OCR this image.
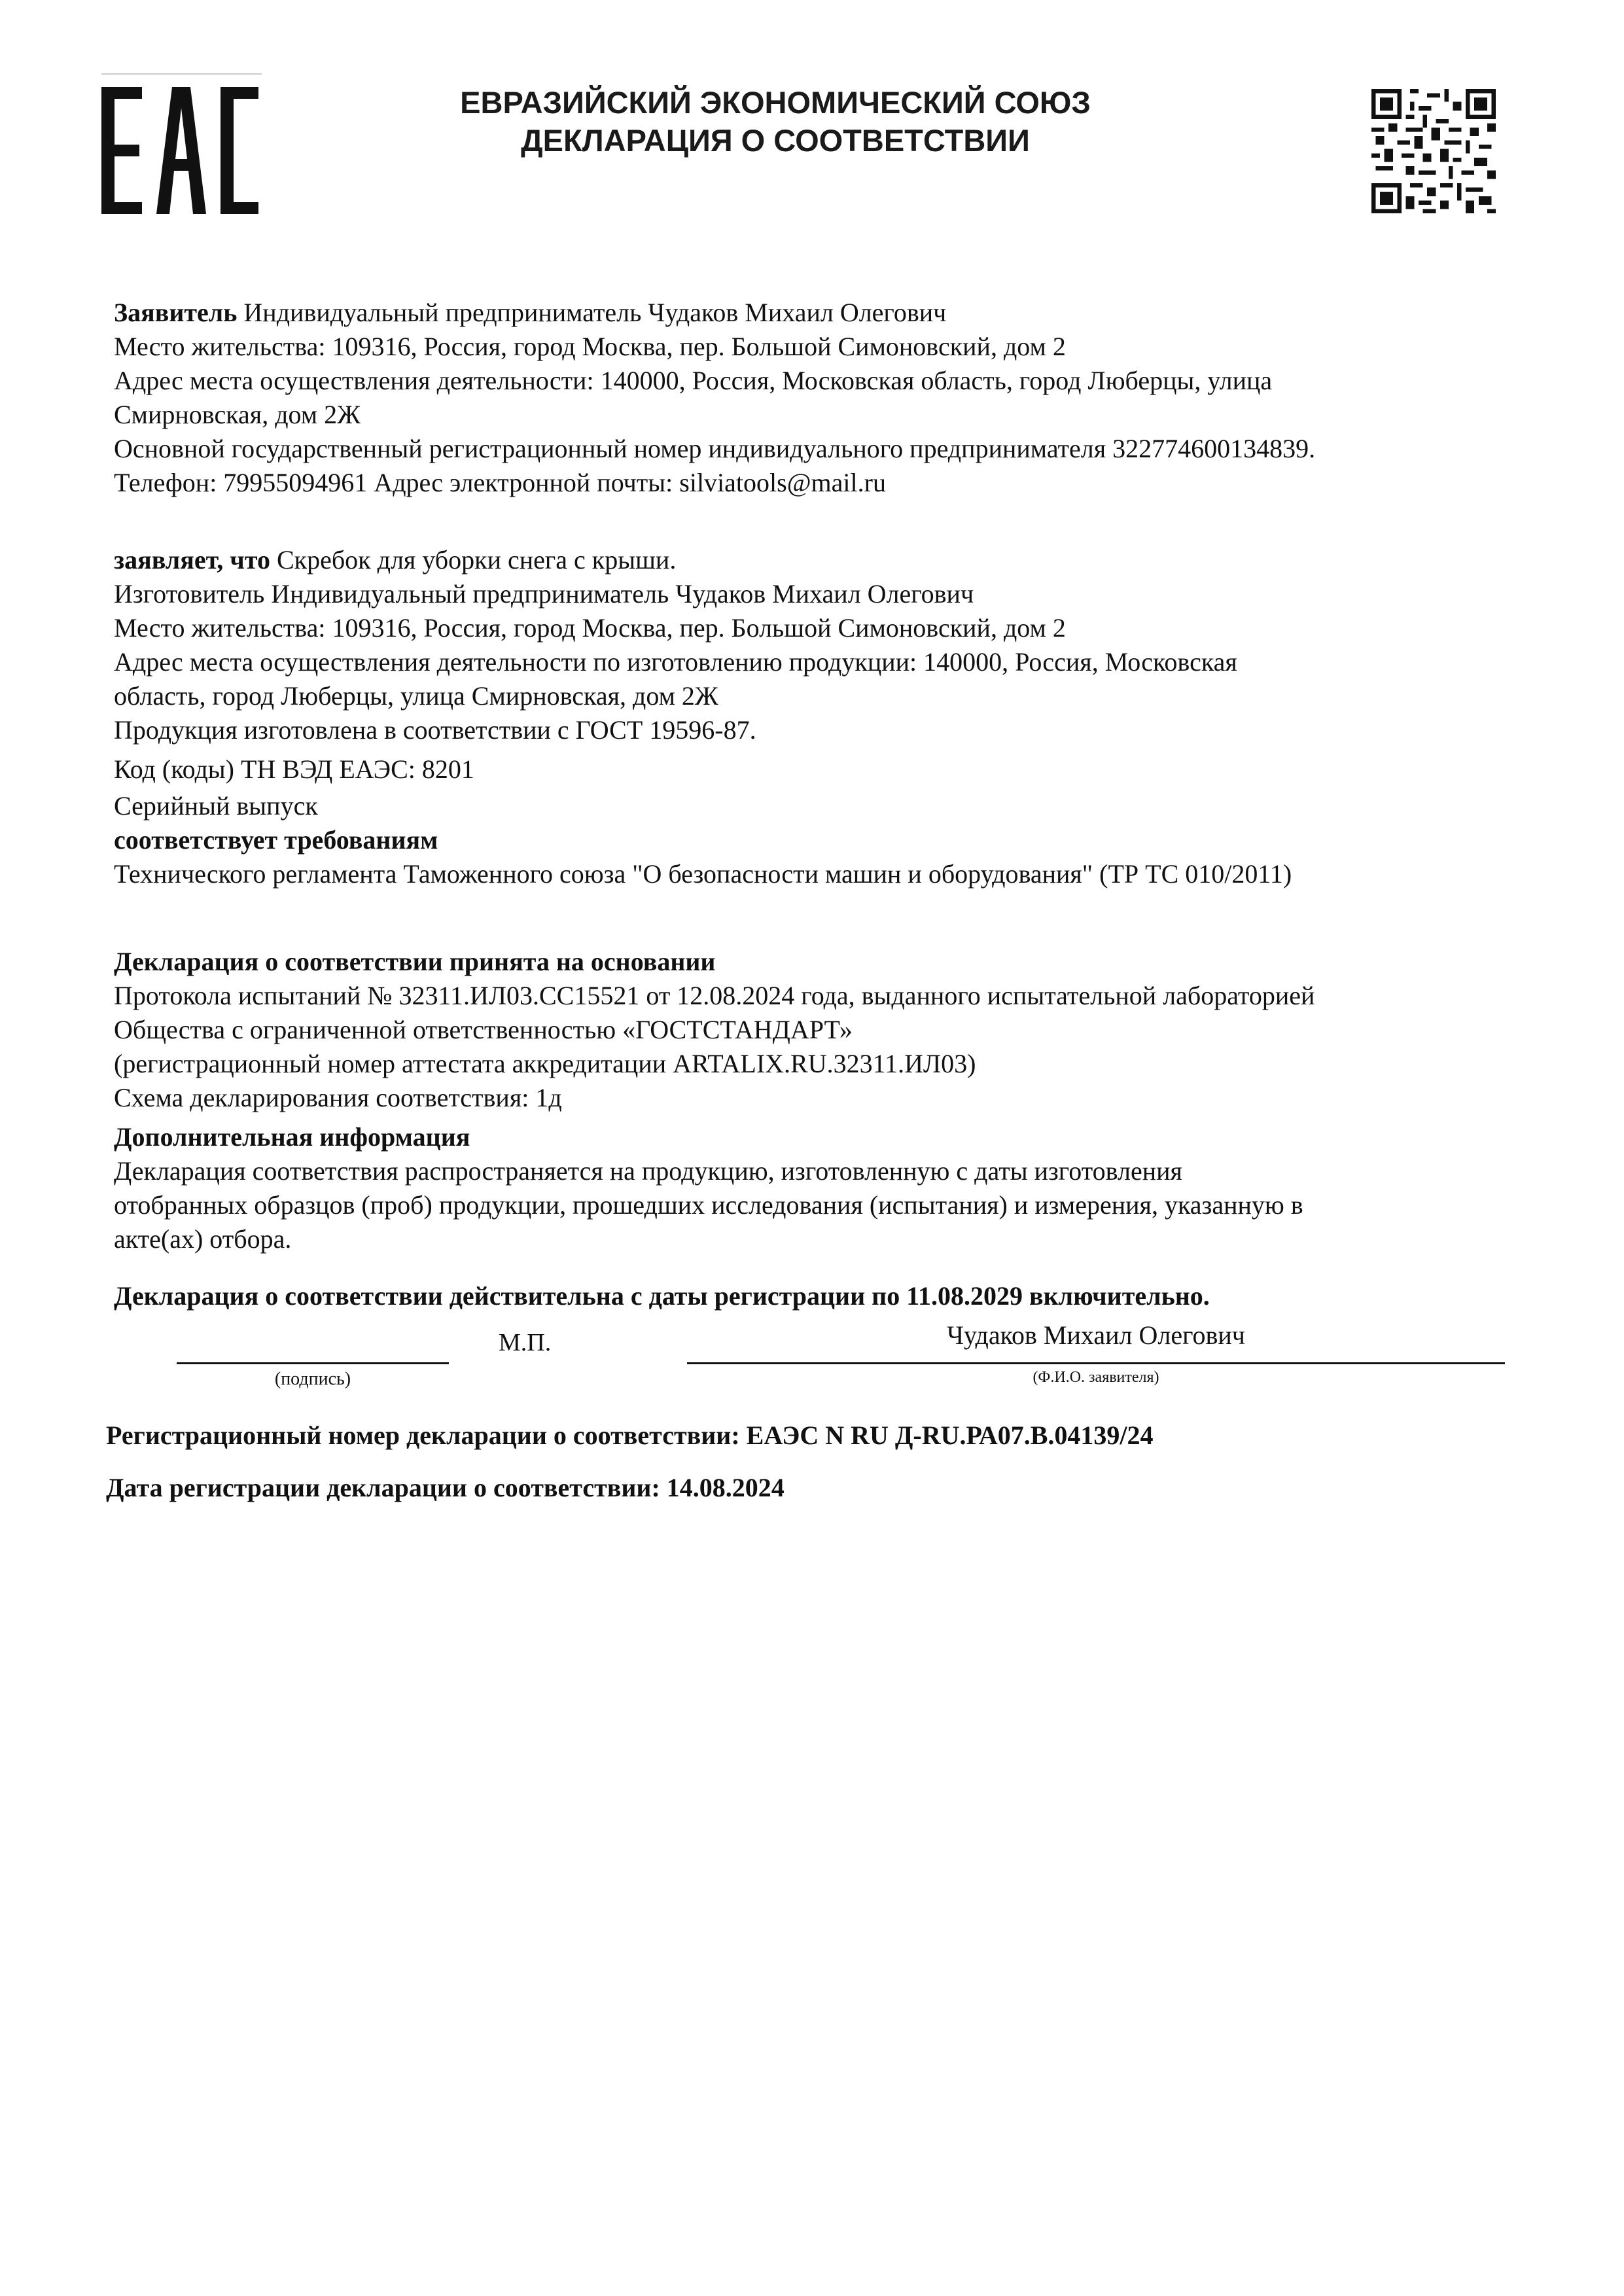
ЕВРАЗИЙСКИЙ ЭКОНОМИЧЕСКИЙ СОЮЗ
ДЕКЛАРАЦИЯ О СООТВЕТСТВИИ

Заявитель Индивидуальный предприниматель Чудаков Михаил Олегович

Место жительства: 109316, Россия, город Москва, пер. Большой Симоновский, дом 2

Адрес места осуществления деятельности: 140000, Россия, Московская область, город Люберцы, улица

Смирновская, дом 2Ж

Основной государственный регистрационный номер индивидуального предпринимателя 322774600134839.

Телефон: 79955094961 Адрес электронной почты: silviatools@mail.ru

заявляет, что Скребок для уборки снега с крыши.

Изготовитель Индивидуальный предприниматель Чудаков Михаил Олегович

Место жительства: 109316, Россия, город Москва, пер. Большой Симоновский, дом 2

Адрес места осуществления деятельности по изготовлению продукции: 140000, Россия, Московская

область, город Люберцы, улица Смирновская, дом 2Ж

Продукция изготовлена в соответствии с ГОСТ 19596-87.

Код (коды) ТН ВЭД ЕАЭС: 8201

Серийный выпуск

соответствует требованиям

Технического регламента Таможенного союза "О безопасности машин и оборудования" (ТР ТС 010/2011)

Декларация о соответствии принята на основании

Протокола испытаний № 32311.ИЛ03.СС15521 от 12.08.2024 года, выданного испытательной лабораторией

Общества с ограниченной ответственностью «ГОСТСТАНДАРТ»

(регистрационный номер аттестата аккредитации ARTALIX.RU.32311.ИЛ03)

Схема декларирования соответствия: 1д

Дополнительная информация

Декларация соответствия распространяется на продукцию, изготовленную с даты изготовления

отобранных образцов (проб) продукции, прошедших исследования (испытания) и измерения, указанную в

акте(ах) отбора.

Декларация о соответствии действительна с даты регистрации по 11.08.2029 включительно.
(подпись)
М.П.	Чудаков Михаил Олегович
(Ф.И.О. заявителя)
Регистрационный номер декларации о соответствии: ЕАЭС N RU Д-RU.РА07.В.04139/24
Дата регистрации декларации о соответствии: 14.08.2024
